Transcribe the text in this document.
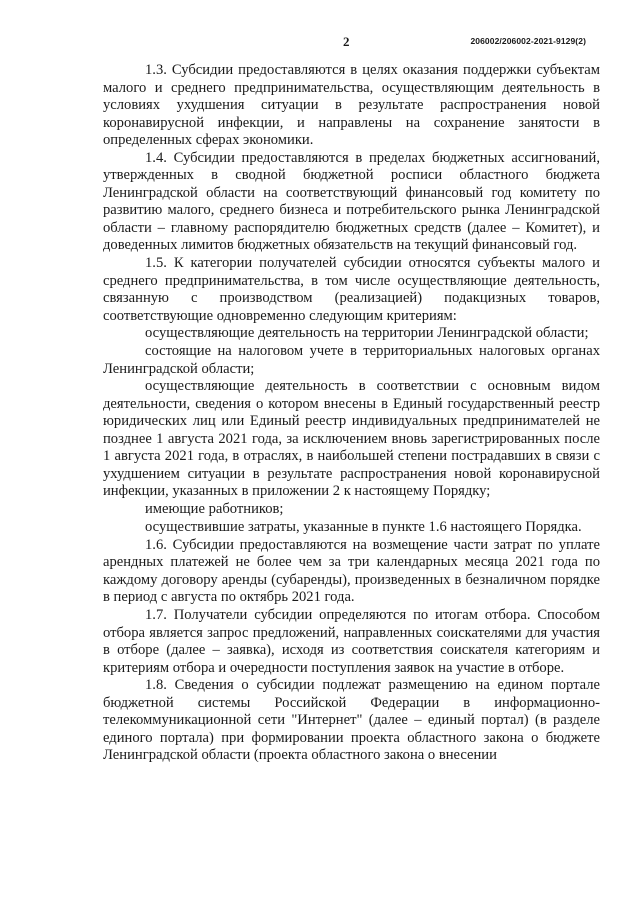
2	206002/206002-2021-9129(2)

1.3. Субсидии предоставляются в целях оказания поддержки субъектам малого и среднего предпринимательства, осуществляющим деятельность в условиях ухудшения ситуации в результате распространения новой коронавирусной инфекции, и направлены на сохранение занятости в определенных сферах экономики.

1.4. Субсидии предоставляются в пределах бюджетных ассигнований, утвержденных в сводной бюджетной росписи областного бюджета Ленинградской области на соответствующий финансовый год комитету по развитию малого, среднего бизнеса и потребительского рынка Ленинградской области – главному распорядителю бюджетных средств (далее – Комитет), и доведенных лимитов бюджетных обязательств на текущий финансовый год.

1.5. К категории получателей субсидии относятся субъекты малого и среднего предпринимательства, в том числе осуществляющие деятельность, связанную с производством (реализацией) подакцизных товаров, соответствующие одновременно следующим критериям:

осуществляющие деятельность на территории Ленинградской области;

состоящие на налоговом учете в территориальных налоговых органах Ленинградской области;

осуществляющие деятельность в соответствии с основным видом деятельности, сведения о котором внесены в Единый государственный реестр юридических лиц или Единый реестр индивидуальных предпринимателей не позднее 1 августа 2021 года, за исключением вновь зарегистрированных после 1 августа 2021 года, в отраслях, в наибольшей степени пострадавших в связи с ухудшением ситуации в результате распространения новой коронавирусной инфекции, указанных в приложении 2 к настоящему Порядку;

имеющие работников;

осуществившие затраты, указанные в пункте 1.6 настоящего Порядка.

1.6. Субсидии предоставляются на возмещение части затрат по уплате арендных платежей не более чем за три календарных месяца 2021 года по каждому договору аренды (субаренды), произведенных в безналичном порядке в период с августа по октябрь 2021 года.

1.7. Получатели субсидии определяются по итогам отбора. Способом отбора является запрос предложений, направленных соискателями для участия в отборе (далее – заявка), исходя из соответствия соискателя категориям и критериям отбора и очередности поступления заявок на участие в отборе.

1.8. Сведения о субсидии подлежат размещению на едином портале бюджетной системы Российской Федерации в информационно-телекоммуникационной сети "Интернет" (далее – единый портал) (в разделе единого портала) при формировании проекта областного закона о бюджете Ленинградской области (проекта областного закона о внесении
